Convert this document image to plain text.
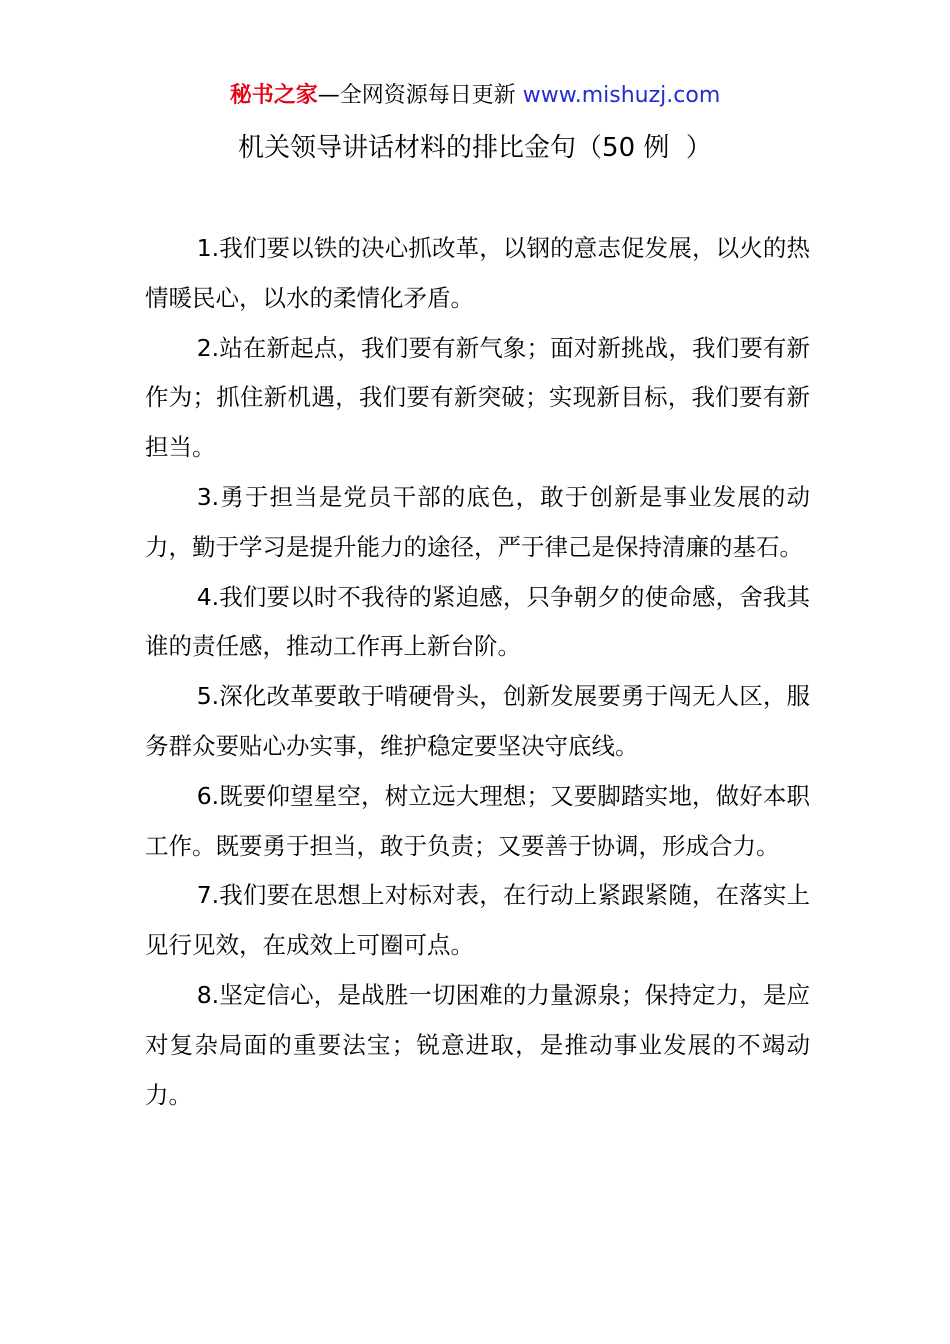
秘书之家—全网资源每日更新 www.mishuzj.com
机关领导讲话材料的排比金句（50 例  ）

1.我们要以铁的决心抓改革，以钢的意志促发展，以火的热情暖民心，以水的柔情化矛盾。

2.站在新起点，我们要有新气象；面对新挑战，我们要有新作为；抓住新机遇，我们要有新突破；实现新目标，我们要有新担当。

3.勇于担当是党员干部的底色，敢于创新是事业发展的动力，勤于学习是提升能力的途径，严于律己是保持清廉的基石。

4.我们要以时不我待的紧迫感，只争朝夕的使命感，舍我其谁的责任感，推动工作再上新台阶。

5.深化改革要敢于啃硬骨头，创新发展要勇于闯无人区，服务群众要贴心办实事，维护稳定要坚决守底线。

6.既要仰望星空，树立远大理想；又要脚踏实地，做好本职工作。既要勇于担当，敢于负责；又要善于协调，形成合力。

7.我们要在思想上对标对表，在行动上紧跟紧随，在落实上见行见效，在成效上可圈可点。

8.坚定信心，是战胜一切困难的力量源泉；保持定力，是应对复杂局面的重要法宝；锐意进取，是推动事业发展的不竭动力。
